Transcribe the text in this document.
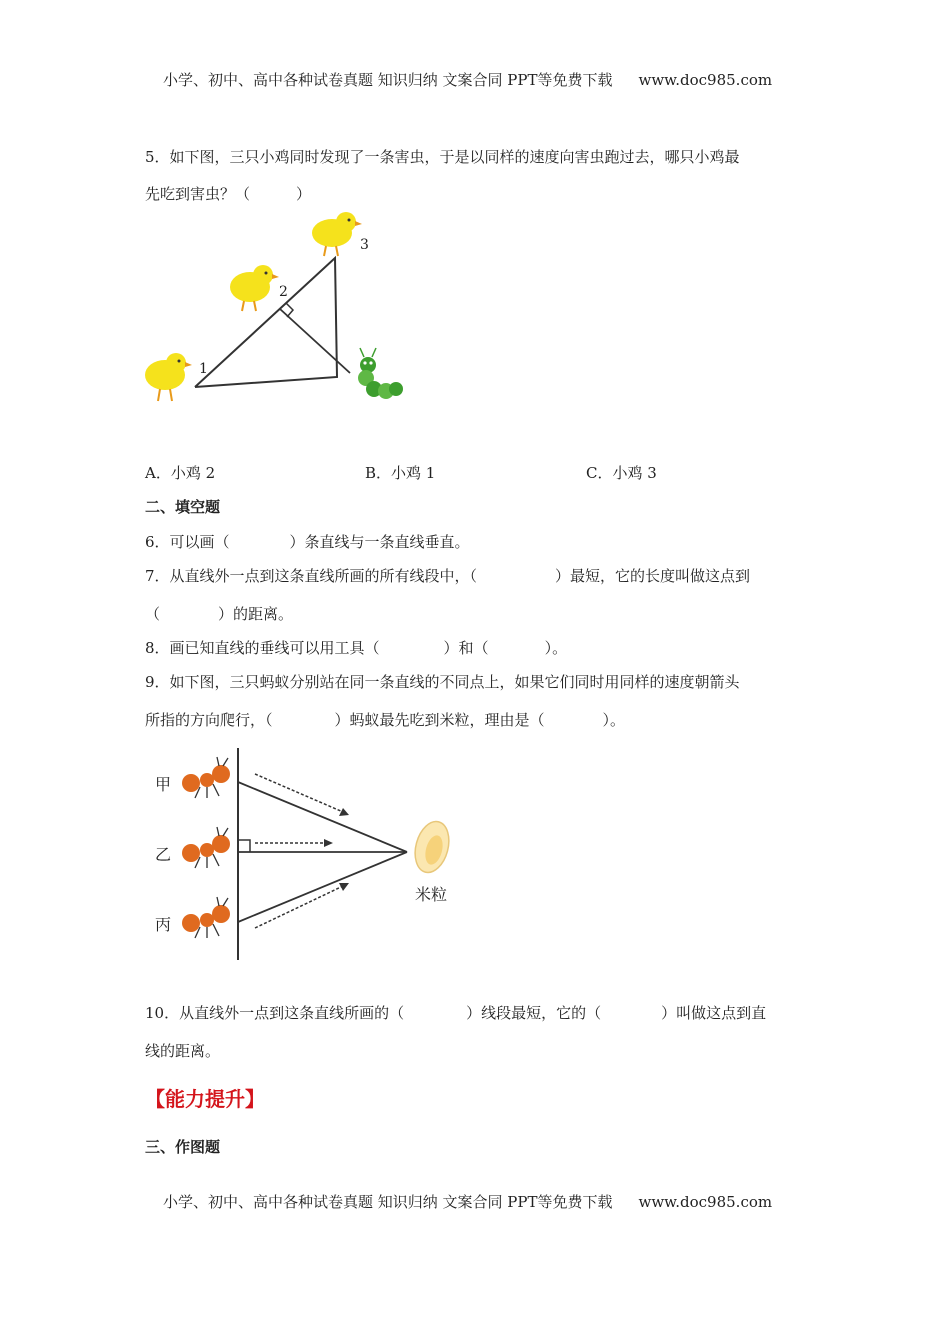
小学、初中、高中各种试卷真题 知识归纳 文案合同 PPT等免费下载 www.doc985.com
5．如下图，三只小鸡同时发现了一条害虫，于是以同样的速度向害虫跑过去，哪只小鸡最
先吃到害虫？（	）
1
2
3
A．小鸡 2	B．小鸡 1	C．小鸡 3
二、填空题
6．可以画（	）条直线与一条直线垂直。
7．从直线外一点到这条直线所画的所有线段中，（	）最短，它的长度叫做这点到
（	）的距离。
8．画已知直线的垂线可以用工具（	）和（	）。
9．如下图，三只蚂蚁分别站在同一条直线的不同点上，如果它们同时用同样的速度朝箭头
所指的方向爬行，（	）蚂蚁最先吃到米粒，理由是（	）。
甲
乙
丙
米粒
10．从直线外一点到这条直线所画的（	）线段最短，它的（	）叫做这点到直
线的距离。
【能力提升】
三、作图题
小学、初中、高中各种试卷真题 知识归纳 文案合同 PPT等免费下载 www.doc985.com
